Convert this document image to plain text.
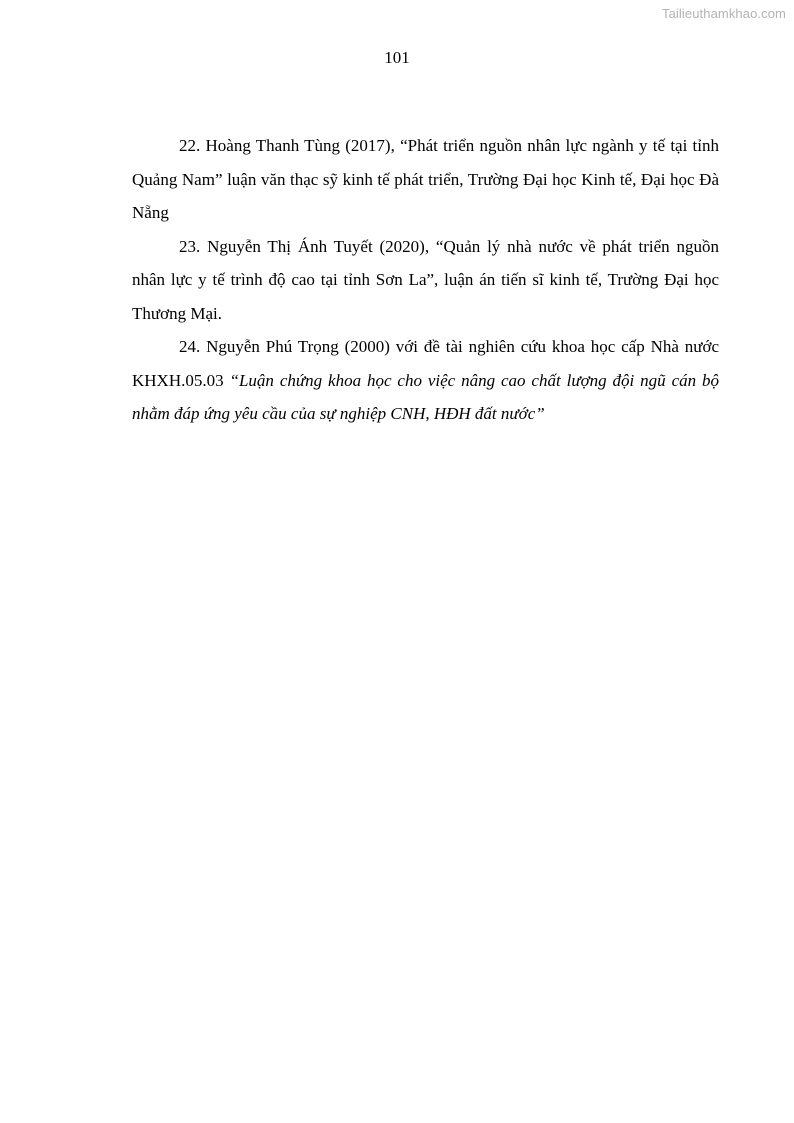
Tailieuthamkhao.com
101

22. Hoàng Thanh Tùng (2017), “Phát triển nguồn nhân lực ngành y tế tại tỉnh Quảng Nam” luận văn thạc sỹ kinh tế phát triển, Trường Đại học Kinh tế, Đại học Đà Nẵng

23. Nguyễn Thị Ánh Tuyết (2020), “Quản lý nhà nước về phát triển nguồn nhân lực y tế trình độ cao tại tỉnh Sơn La”, luận án tiến sĩ kinh tế, Trường Đại học Thương Mại.

24. Nguyễn Phú Trọng (2000) với đề tài nghiên cứu khoa học cấp Nhà nước KHXH.05.03 “Luận chứng khoa học cho việc nâng cao chất lượng đội ngũ cán bộ nhằm đáp ứng yêu cầu của sự nghiệp CNH, HĐH đất nước”
